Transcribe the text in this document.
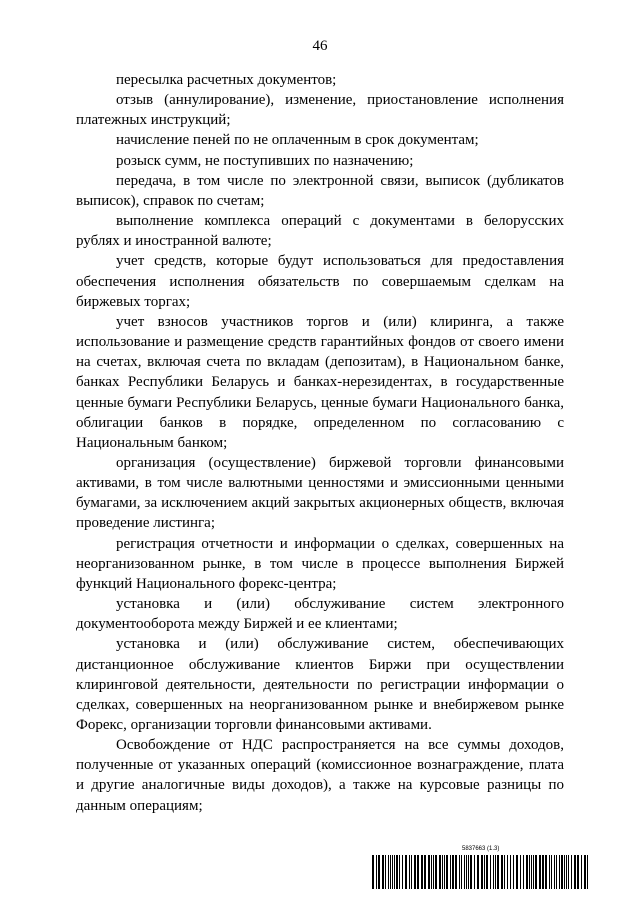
46

пересылка расчетных документов;

отзыв (аннулирование), изменение, приостановление исполнения платежных инструкций;

начисление пеней по не оплаченным в срок документам;

розыск сумм, не поступивших по назначению;

передача, в том числе по электронной связи, выписок (дубликатов выписок), справок по счетам;

выполнение комплекса операций с документами в белорусских рублях и иностранной валюте;

учет средств, которые будут использоваться для предоставления обеспечения исполнения обязательств по совершаемым сделкам на биржевых торгах;

учет взносов участников торгов и (или) клиринга, а также использование и размещение средств гарантийных фондов от своего имени на счетах, включая счета по вкладам (депозитам), в Национальном банке, банках Республики Беларусь и банках-нерезидентах, в государственные ценные бумаги Республики Беларусь, ценные бумаги Национального банка, облигации банков в порядке, определенном по согласованию с Национальным банком;

организация (осуществление) биржевой торговли финансовыми активами, в том числе валютными ценностями и эмиссионными ценными бумагами, за исключением акций закрытых акционерных обществ, включая проведение листинга;

регистрация отчетности и информации о сделках, совершенных на неорганизованном рынке, в том числе в процессе выполнения Биржей функций Национального форекс-центра;

установка и (или) обслуживание систем электронного документооборота между Биржей и ее клиентами;

установка и (или) обслуживание систем, обеспечивающих дистанционное обслуживание клиентов Биржи при осуществлении клиринговой деятельности, деятельности по регистрации информации о сделках, совершенных на неорганизованном рынке и внебиржевом рынке Форекс, организации торговли финансовыми активами.

Освобождение от НДС распространяется на все суммы доходов, полученные от указанных операций (комиссионное вознаграждение, плата и другие аналогичные виды доходов), а также на курсовые разницы по данным операциям;

5837663 (1.3)
